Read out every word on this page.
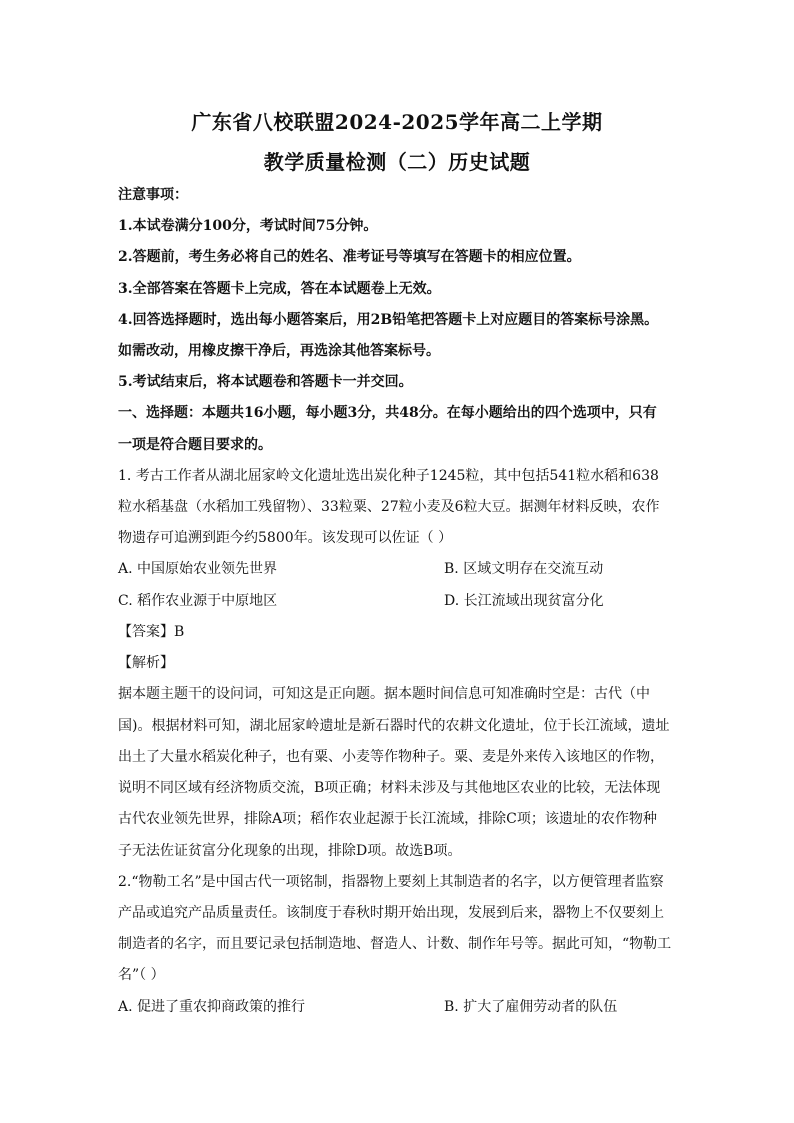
广东省八校联盟2024-2025学年高二上学期
教学质量检测（二）历史试题
注意事项：
1.本试卷满分100分，考试时间75分钟。
2.答题前，考生务必将自己的姓名、准考证号等填写在答题卡的相应位置。
3.全部答案在答题卡上完成，答在本试题卷上无效。
4.回答选择题时，选出每小题答案后，用2B铅笔把答题卡上对应题目的答案标号涂黑。
如需改动，用橡皮擦干净后，再选涂其他答案标号。
5.考试结束后，将本试题卷和答题卡一并交回。
一、选择题：本题共16小题，每小题3分，共48分。在每小题给出的四个选项中，只有
一项是符合题目要求的。
1. 考古工作者从湖北屈家岭文化遗址选出炭化种子1245粒，其中包括541粒水稻和638
粒水稻基盘（水稻加工残留物）、33粒粟、27粒小麦及6粒大豆。据测年材料反映，农作
物遗存可追溯到距今约5800年。该发现可以佐证（ ）
A. 中国原始农业领先世界	B. 区域文明存在交流互动
C. 稻作农业源于中原地区	D. 长江流域出现贫富分化
【答案】B
【解析】
据本题主题干的设问词，可知这是正向题。据本题时间信息可知准确时空是：古代（中
国)。根据材料可知，湖北屈家岭遗址是新石器时代的农耕文化遗址，位于长江流域，遗址
出土了大量水稻炭化种子，也有粟、小麦等作物种子。粟、麦是外来传入该地区的作物，
说明不同区域有经济物质交流，B项正确；材料未涉及与其他地区农业的比较，无法体现
古代农业领先世界，排除A项；稻作农业起源于长江流域，排除C项；该遗址的农作物种
子无法佐证贫富分化现象的出现，排除D项。故选B项。
2.“物勒工名”是中国古代一项铭制，指器物上要刻上其制造者的名字，以方便管理者监察
产品或追究产品质量责任。该制度于春秋时期开始出现，发展到后来，器物上不仅要刻上
制造者的名字，而且要记录包括制造地、督造人、计数、制作年号等。据此可知，“物勒工
名”（ ）
A. 促进了重农抑商政策的推行	B. 扩大了雇佣劳动者的队伍
